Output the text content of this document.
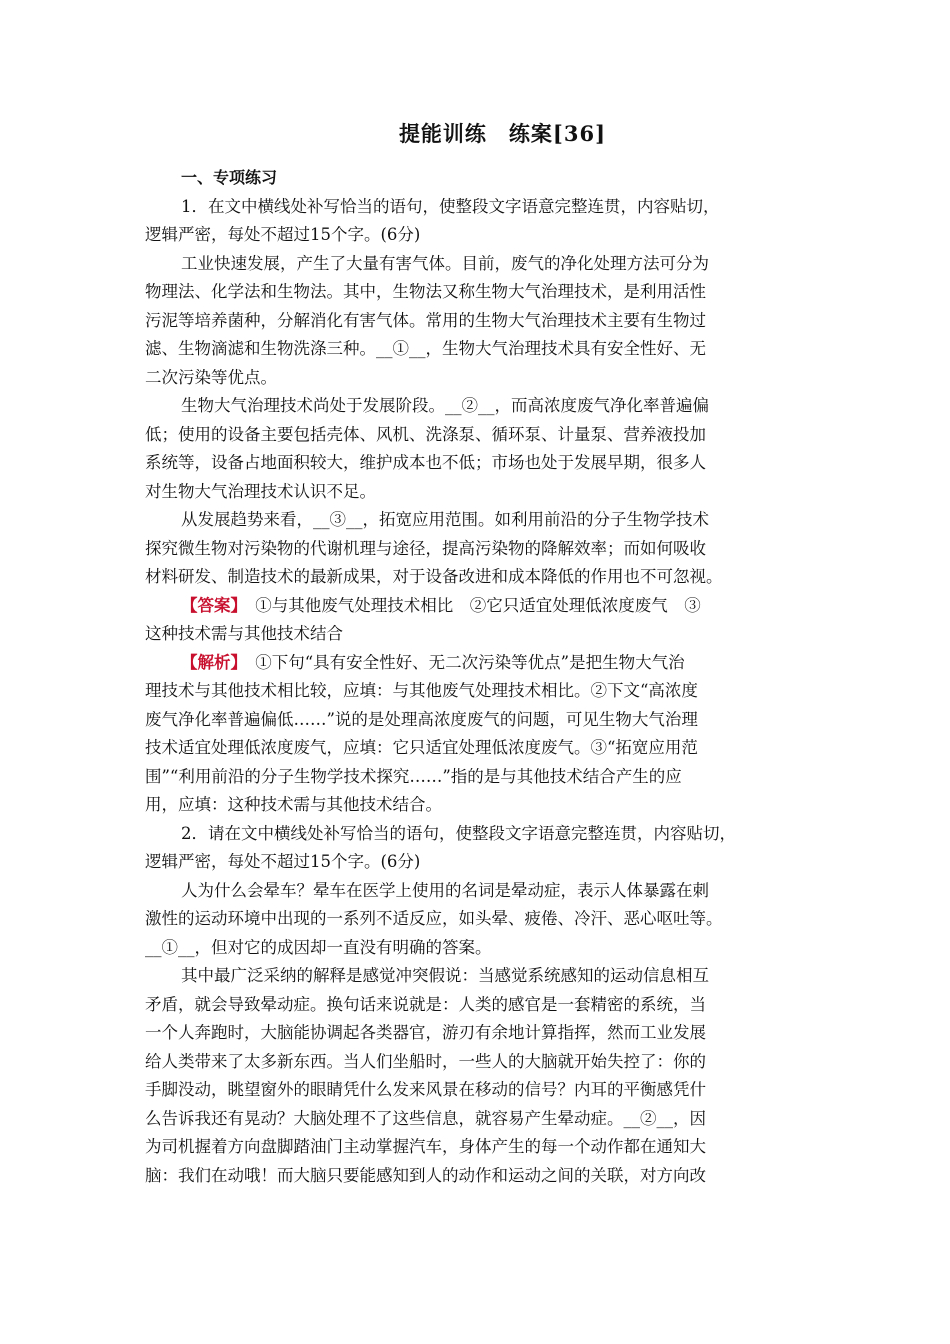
提能训练　练案[36]
一、专项练习
1．在文中横线处补写恰当的语句，使整段文字语意完整连贯，内容贴切，
逻辑严密，每处不超过15个字。(6分)
工业快速发展，产生了大量有害气体。目前，废气的净化处理方法可分为
物理法、化学法和生物法。其中，生物法又称生物大气治理技术，是利用活性
污泥等培养菌种，分解消化有害气体。常用的生物大气治理技术主要有生物过
滤、生物滴滤和生物洗涤三种。__①__，生物大气治理技术具有安全性好、无
二次污染等优点。
生物大气治理技术尚处于发展阶段。__②__，而高浓度废气净化率普遍偏
低；使用的设备主要包括壳体、风机、洗涤泵、循环泵、计量泵、营养液投加
系统等，设备占地面积较大，维护成本也不低；市场也处于发展早期，很多人
对生物大气治理技术认识不足。
从发展趋势来看，__③__，拓宽应用范围。如利用前沿的分子生物学技术
探究微生物对污染物的代谢机理与途径，提高污染物的降解效率；而如何吸收
材料研发、制造技术的最新成果，对于设备改进和成本降低的作用也不可忽视。
【答案】　①与其他废气处理技术相比　②它只适宜处理低浓度废气　③
这种技术需与其他技术结合
【解析】　①下句“具有安全性好、无二次污染等优点”是把生物大气治
理技术与其他技术相比较，应填：与其他废气处理技术相比。②下文“高浓度
废气净化率普遍偏低……”说的是处理高浓度废气的问题，可见生物大气治理
技术适宜处理低浓度废气，应填：它只适宜处理低浓度废气。③“拓宽应用范
围”“利用前沿的分子生物学技术探究……”指的是与其他技术结合产生的应
用，应填：这种技术需与其他技术结合。
2．请在文中横线处补写恰当的语句，使整段文字语意完整连贯，内容贴切，
逻辑严密，每处不超过15个字。(6分)
人为什么会晕车？晕车在医学上使用的名词是晕动症，表示人体暴露在刺
激性的运动环境中出现的一系列不适反应，如头晕、疲倦、冷汗、恶心呕吐等。
__①__，但对它的成因却一直没有明确的答案。
其中最广泛采纳的解释是感觉冲突假说：当感觉系统感知的运动信息相互
矛盾，就会导致晕动症。换句话来说就是：人类的感官是一套精密的系统，当
一个人奔跑时，大脑能协调起各类器官，游刃有余地计算指挥，然而工业发展
给人类带来了太多新东西。当人们坐船时，一些人的大脑就开始失控了：你的
手脚没动，眺望窗外的眼睛凭什么发来风景在移动的信号？内耳的平衡感凭什
么告诉我还有晃动？大脑处理不了这些信息，就容易产生晕动症。__②__，因
为司机握着方向盘脚踏油门主动掌握汽车，身体产生的每一个动作都在通知大
脑：我们在动哦！而大脑只要能感知到人的动作和运动之间的关联，对方向改
